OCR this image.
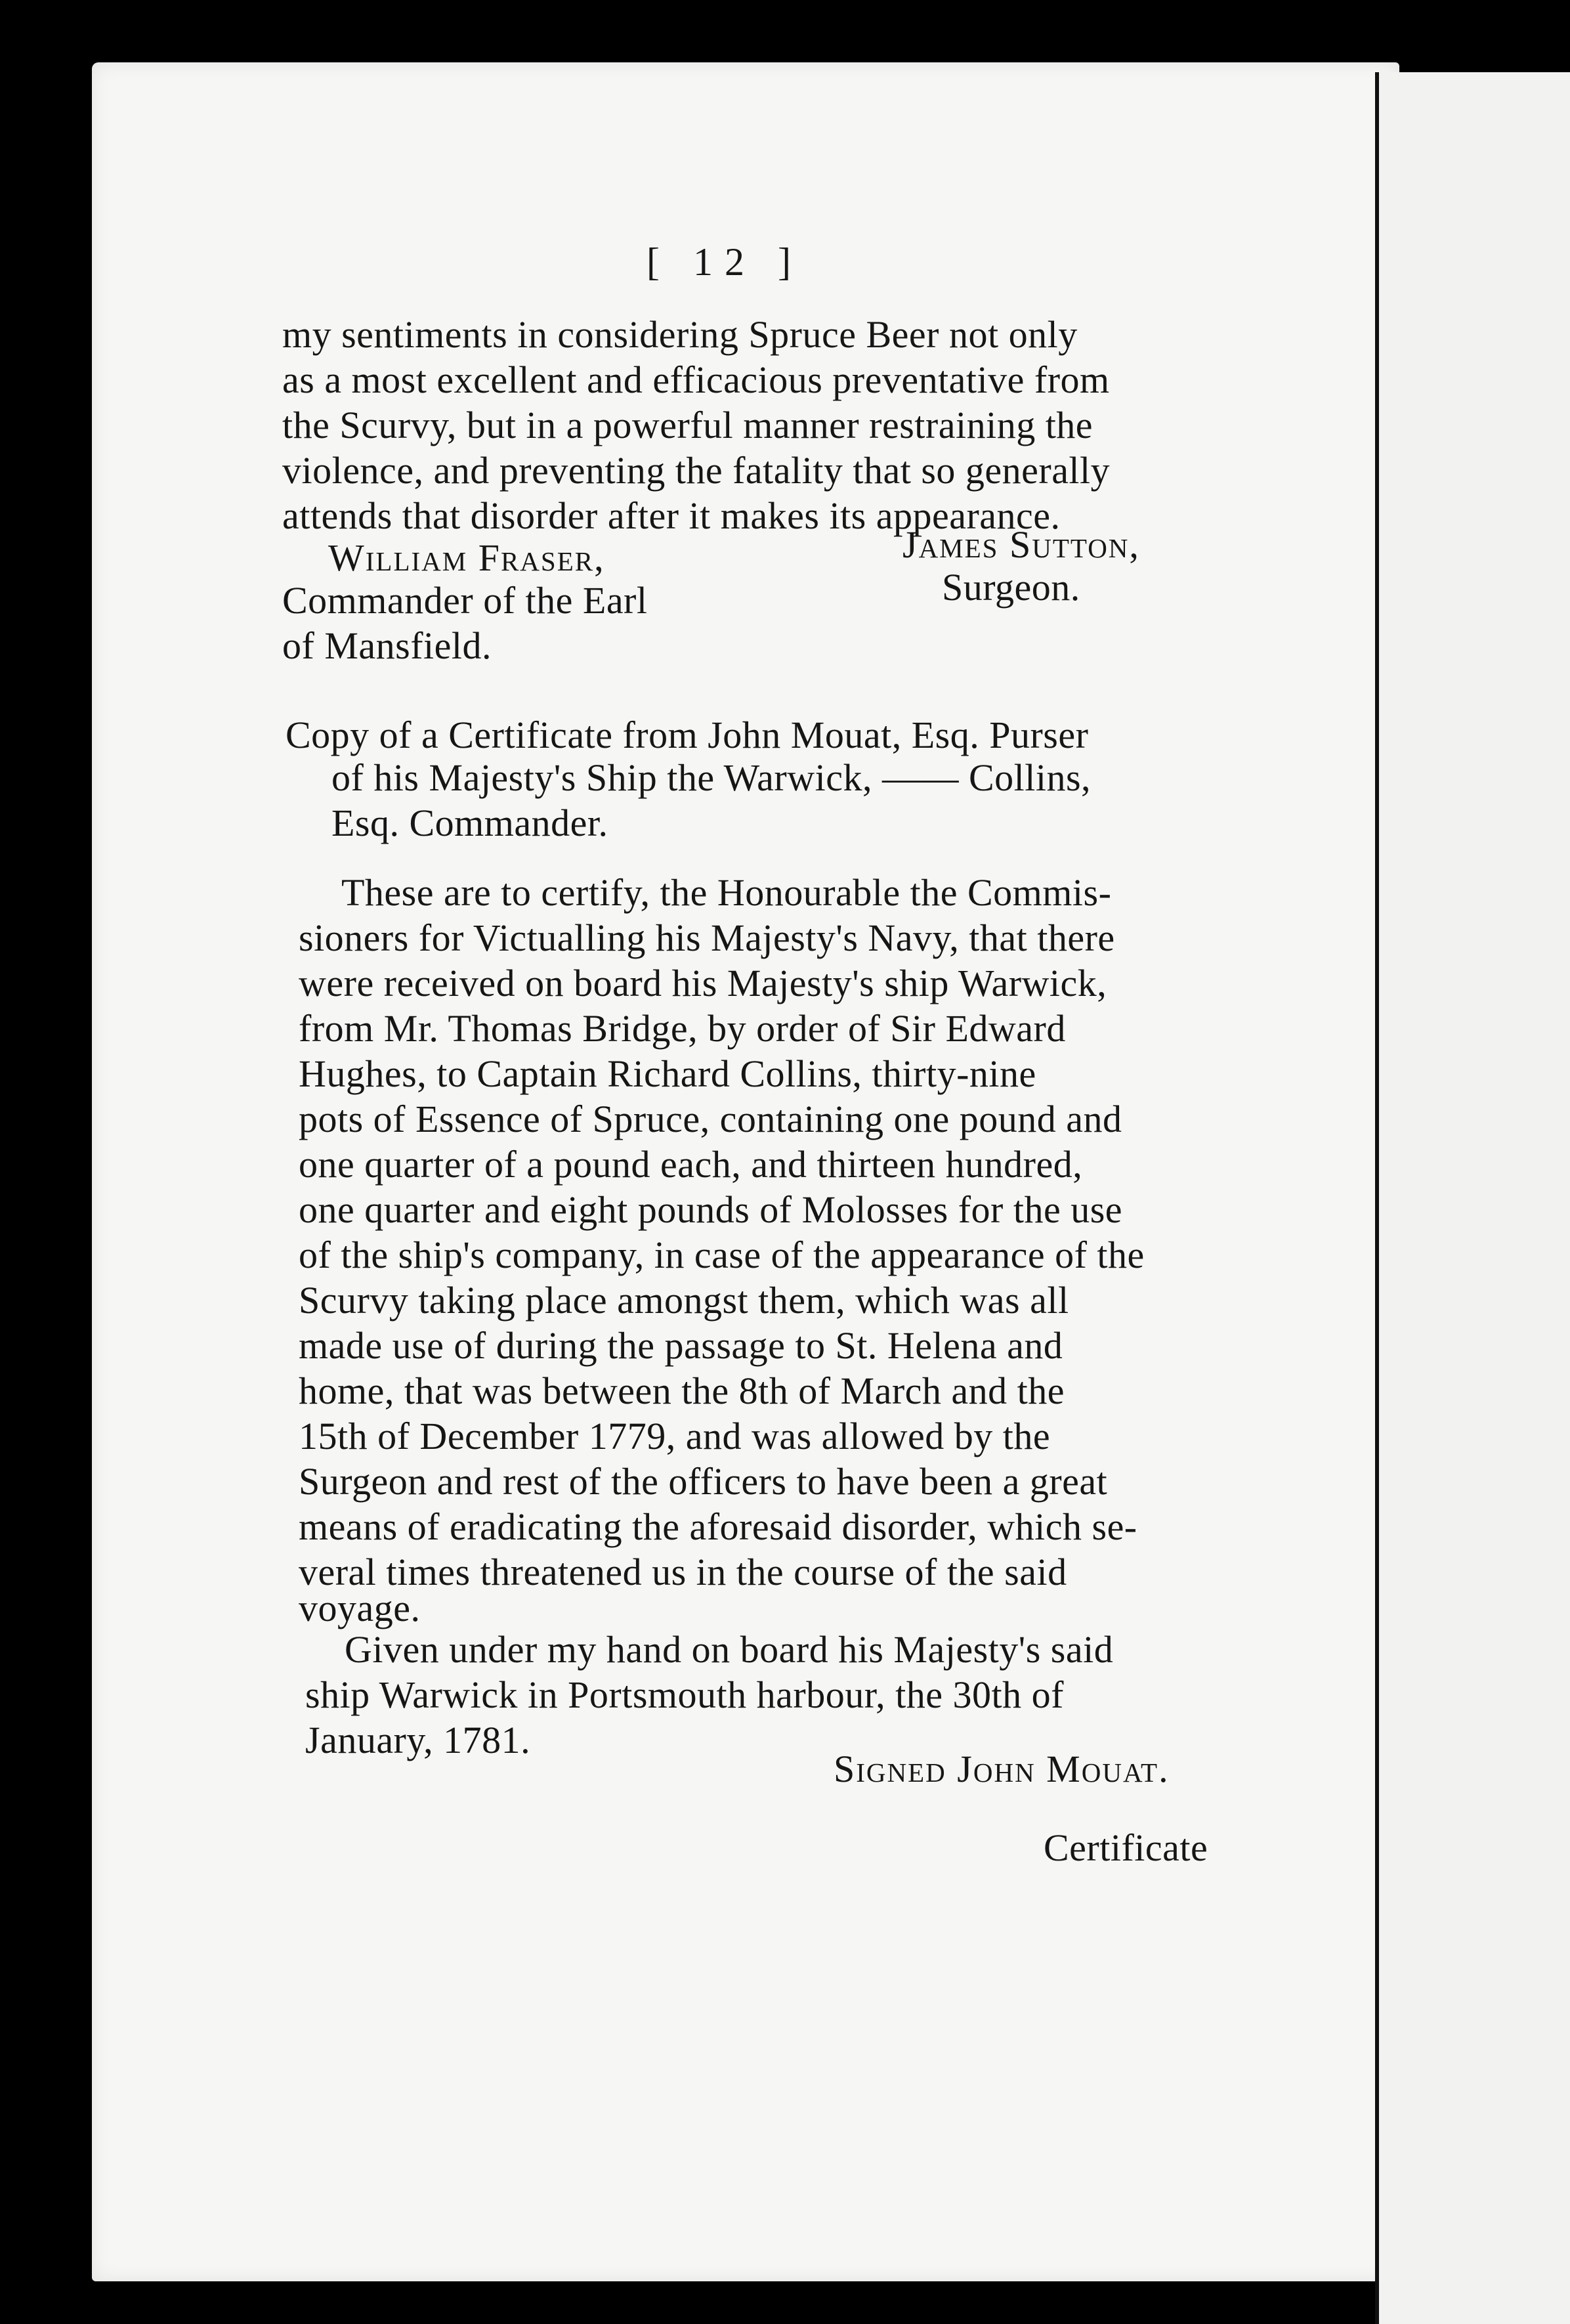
[ 12 ]
my sentiments in considering Spruce Beer not only
as a most excellent and efficacious preventative from
the Scurvy, but in a powerful manner restraining the
violence, and preventing the fatality that so generally
attends that disorder after it makes its appearance.
William Fraser,
Commander of the Earl
of Mansfield.
James Sutton,
Surgeon.
Copy of a Certificate from John Mouat, Esq. Purser
of his Majesty's Ship the Warwick, —— Collins,
Esq. Commander.
These are to certify, the Honourable the Commis-
sioners for Victualling his Majesty's Navy, that there
were received on board his Majesty's ship Warwick,
from Mr. Thomas Bridge, by order of Sir Edward
Hughes, to Captain Richard Collins, thirty-nine
pots of Essence of Spruce, containing one pound and
one quarter of a pound each, and thirteen hundred,
one quarter and eight pounds of Molosses for the use
of the ship's company, in case of the appearance of the
Scurvy taking place amongst them, which was all
made use of during the passage to St. Helena and
home, that was between the 8th of March and the
15th of December 1779, and was allowed by the
Surgeon and rest of the officers to have been a great
means of eradicating the aforesaid disorder, which se-
veral times threatened us in the course of the said
voyage.
Given under my hand on board his Majesty's said
ship Warwick in Portsmouth harbour, the 30th of
January, 1781.
Signed John Mouat.
Certificate
